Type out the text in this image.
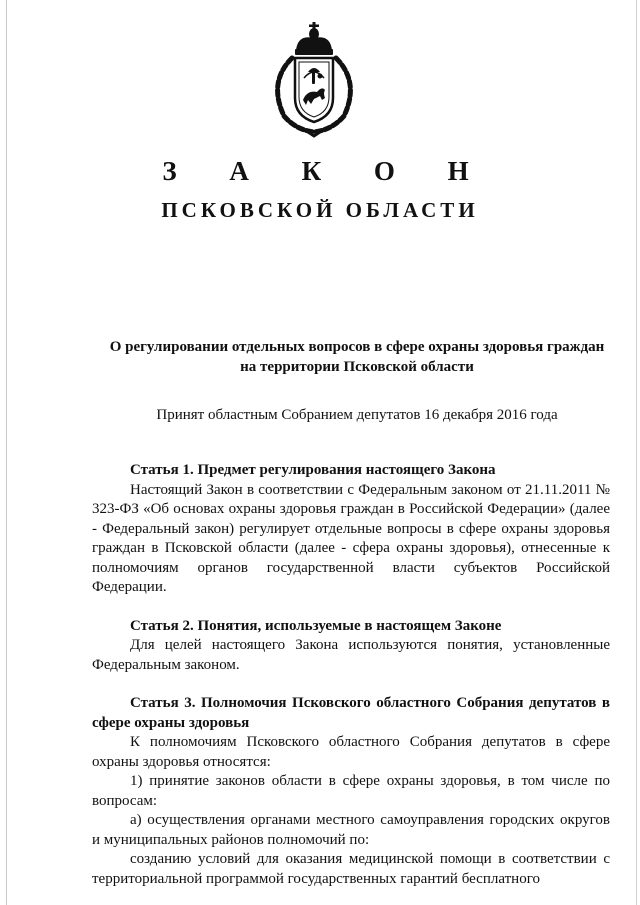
З А К О Н
ПСКОВСКОЙ ОБЛАСТИ
О регулировании отдельных вопросов в сфере охраны здоровья граждан
на территории Псковской области
Принят областным Собранием депутатов 16 декабря 2016 года

Статья 1. Предмет регулирования настоящего Закона

Настоящий Закон в соответствии с Федеральным законом от 21.11.2011 № 323-ФЗ «Об основах охраны здоровья граждан в Российской Федерации» (далее - Федеральный закон) регулирует отдельные вопросы в сфере охраны здоровья граждан в Псковской области (далее - сфера охраны здоровья), отнесенные к полномочиям органов государственной власти субъектов Российской Федерации.

Статья 2. Понятия, используемые в настоящем Законе

Для целей настоящего Закона используются понятия, установленные Федеральным законом.

Статья 3. Полномочия Псковского областного Собрания депутатов в сфере охраны здоровья

К полномочиям Псковского областного Собрания депутатов в сфере охраны здоровья относятся:

1) принятие законов области в сфере охраны здоровья, в том числе по вопросам:

а) осуществления органами местного самоуправления городских округов и муниципальных районов полномочий по:

созданию условий для оказания медицинской помощи в соответствии с территориальной программой государственных гарантий бесплатного
